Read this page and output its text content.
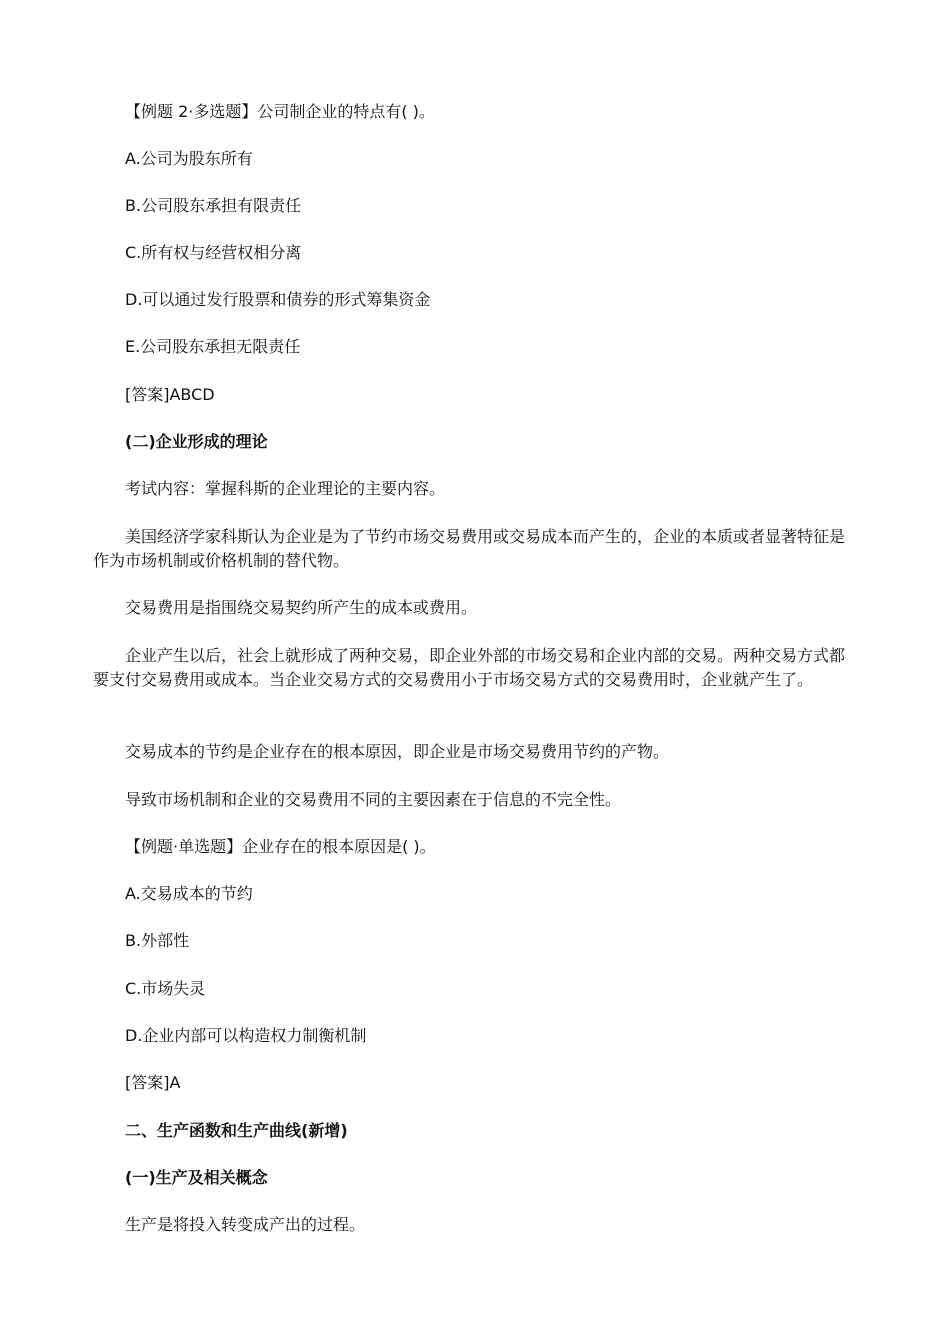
【例题 2·多选题】公司制企业的特点有( )。

A.公司为股东所有

B.公司股东承担有限责任

C.所有权与经营权相分离

D.可以通过发行股票和债券的形式筹集资金

E.公司股东承担无限责任

[答案]ABCD

(二)企业形成的理论

考试内容：掌握科斯的企业理论的主要内容。

美国经济学家科斯认为企业是为了节约市场交易费用或交易成本而产生的，企业的本质或者显著特征是作为市场机制或价格机制的替代物。

交易费用是指围绕交易契约所产生的成本或费用。

企业产生以后，社会上就形成了两种交易，即企业外部的市场交易和企业内部的交易。两种交易方式都要支付交易费用或成本。当企业交易方式的交易费用小于市场交易方式的交易费用时，企业就产生了。

交易成本的节约是企业存在的根本原因，即企业是市场交易费用节约的产物。

导致市场机制和企业的交易费用不同的主要因素在于信息的不完全性。

【例题·单选题】企业存在的根本原因是( )。

A.交易成本的节约

B.外部性

C.市场失灵

D.企业内部可以构造权力制衡机制

[答案]A

二、生产函数和生产曲线(新增)

(一)生产及相关概念

生产是将投入转变成产出的过程。
